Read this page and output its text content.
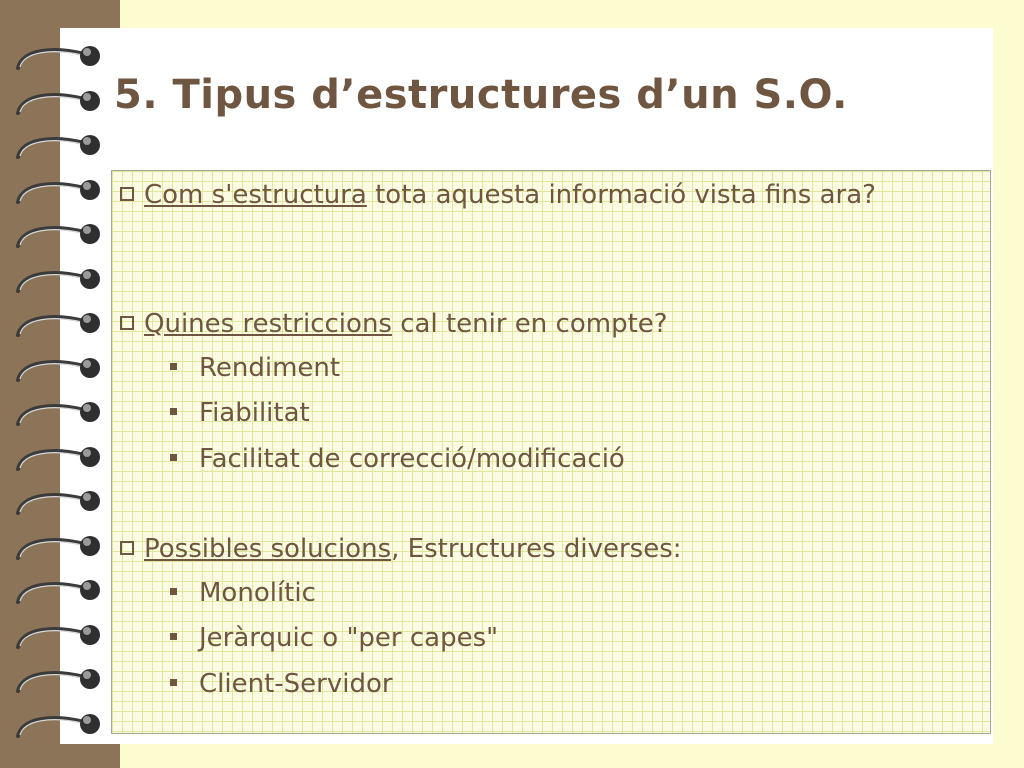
5. Tipus d’estructures d’un S.O.
Com s'estructura tota aquesta informació vista fins ara?
Quines restriccions cal tenir en compte?
Rendiment
Fiabilitat
Facilitat de correcció/modificació
Possibles solucions, Estructures diverses:
Monolític
Jeràrquic o "per capes"
Client-Servidor
